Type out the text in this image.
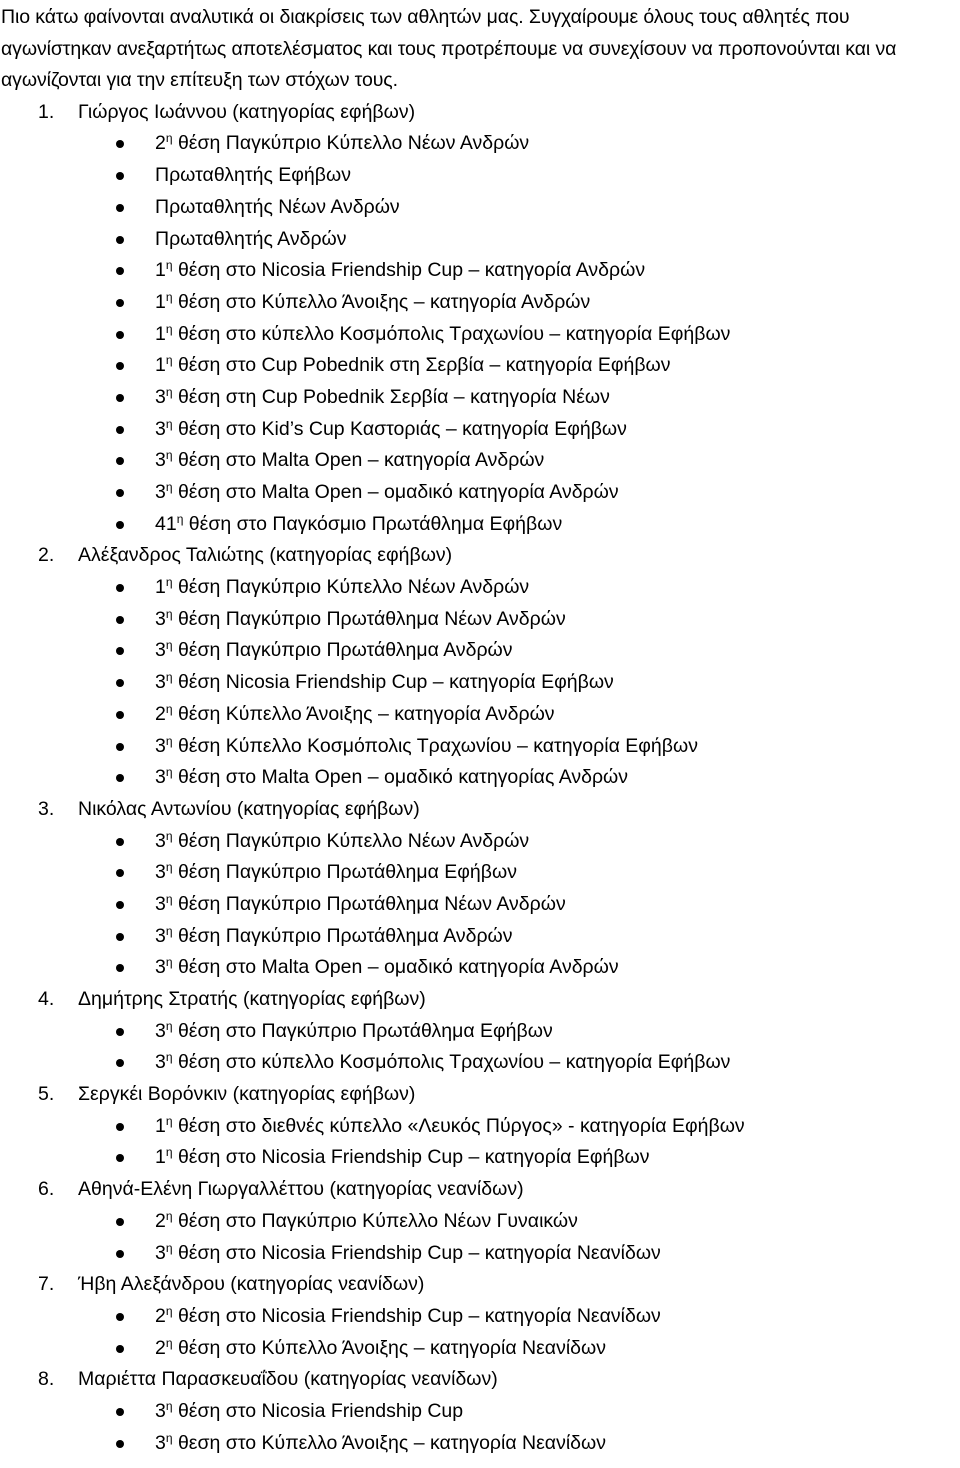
Πιο κάτω φαίνονται αναλυτικά οι διακρίσεις των αθλητών μας. Συγχαίρουμε όλους τους αθλητές που αγωνίστηκαν ανεξαρτήτως αποτελέσματος και τους προτρέπουμε να συνεχίσουν να προπονούνται και να αγωνίζονται για την επίτευξη των στόχων τους.

1. Γιώργος Ιωάννου (κατηγορίας εφήβων)
$2^\eta$ θέση Παγκύπριο Κύπελλο Νέων Ανδρών
Πρωταθλητής Εφήβων
Πρωταθλητής Νέων Ανδρών
Πρωταθλητής Ανδρών
$1^\eta$ θέση στο Nicosia Friendship Cup – κατηγορία Ανδρών
$1^\eta$ θέση στο Κύπελλο Άνοιξης – κατηγορία Ανδρών
$1^\eta$ θέση στο κύπελλο Κοσμόπολις Τραχωνίου – κατηγορία Εφήβων
$1^\eta$ θέση στο Cup Pobednik στη Σερβία – κατηγορία Εφήβων
$3^\eta$ θέση στη Cup Pobednik Σερβία – κατηγορία Νέων
$3^\eta$ θέση στο Kid’s Cup Καστοριάς – κατηγορία Εφήβων
$3^\eta$ θέση στο Malta Open – κατηγορία Ανδρών
$3^\eta$ θέση στο Malta Open – ομαδικό κατηγορία Ανδρών
$41^\eta$ θέση στο Παγκόσμιο Πρωτάθλημα Εφήβων
2. Αλέξανδρος Ταλιώτης (κατηγορίας εφήβων)
$1^\eta$ θέση Παγκύπριο Κύπελλο Νέων Ανδρών
$3^\eta$ θέση Παγκύπριο Πρωτάθλημα Νέων Ανδρών
$3^\eta$ θέση Παγκύπριο Πρωτάθλημα Ανδρών
$3^\eta$ θέση Nicosia Friendship Cup – κατηγορία Εφήβων
$2^\eta$ θέση Κύπελλο Άνοιξης – κατηγορία Ανδρών
$3^\eta$ θέση Κύπελλο Κοσμόπολις Τραχωνίου – κατηγορία Εφήβων
$3^\eta$ θέση στο Malta Open – ομαδικό κατηγορίας Ανδρών
3. Νικόλας Αντωνίου (κατηγορίας εφήβων)
$3^\eta$ θέση Παγκύπριο Κύπελλο Νέων Ανδρών
$3^\eta$ θέση Παγκύπριο Πρωτάθλημα Εφήβων
$3^\eta$ θέση Παγκύπριο Πρωτάθλημα Νέων Ανδρών
$3^\eta$ θέση Παγκύπριο Πρωτάθλημα Ανδρών
$3^\eta$ θέση στο Malta Open – ομαδικό κατηγορία Ανδρών
4. Δημήτρης Στρατής (κατηγορίας εφήβων)
$3^\eta$ θέση στο Παγκύπριο Πρωτάθλημα Εφήβων
$3^\eta$ θέση στο κύπελλο Κοσμόπολις Τραχωνίου – κατηγορία Εφήβων
5. Σεργκέι Βορόνκιν (κατηγορίας εφήβων)
$1^\eta$ θέση στο διεθνές κύπελλο «Λευκός Πύργος» - κατηγορία Εφήβων
$1^\eta$ θέση στο Nicosia Friendship Cup – κατηγορία Εφήβων
6. Αθηνά-Ελένη Γιωργαλλέττου (κατηγορίας νεανίδων)
$2^\eta$ θέση στο Παγκύπριο Κύπελλο Νέων Γυναικών
$3^\eta$ θέση στο Nicosia Friendship Cup – κατηγορία Νεανίδων
7. Ήβη Αλεξάνδρου (κατηγορίας νεανίδων)
$2^\eta$ θέση στο Nicosia Friendship Cup – κατηγορία Νεανίδων
$2^\eta$ θέση στο Κύπελλο Άνοιξης – κατηγορία Νεανίδων
8. Μαριέττα Παρασκευαΐδου (κατηγορίας νεανίδων)
$3^\eta$ θέση στο Nicosia Friendship Cup
$3^\eta$ θεση στο Κύπελλο Άνοιξης – κατηγορία Νεανίδων
